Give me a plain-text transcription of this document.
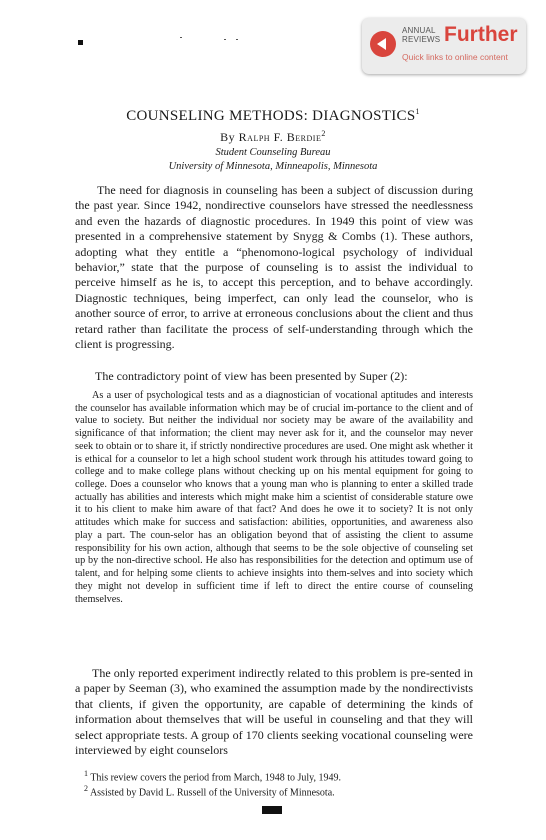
ANNUAL
REVIEWS Further
Quick links to online content
COUNSELING METHODS: DIAGNOSTICS$^1$
By Ralph F. Berdie$^2$
Student Counseling Bureau
University of Minnesota, Minneapolis, Minnesota

The need for diagnosis in counseling has been a subject of discussion during the past year. Since 1942, nondirective counselors have stressed the needlessness and even the hazards of diagnostic procedures. In 1949 this point of view was presented in a comprehensive statement by Snygg & Combs (1). These authors, adopting what they entitle a “phenomono-logical psychology of individual behavior,” state that the purpose of counseling is to assist the individual to perceive himself as he is, to accept this perception, and to behave accordingly. Diagnostic techniques, being imperfect, can only lead the counselor, who is another source of error, to arrive at erroneous conclusions about the client and thus retard rather than facilitate the process of self-understanding through which the client is progressing.

The contradictory point of view has been presented by Super (2):

As a user of psychological tests and as a diagnostician of vocational aptitudes and interests the counselor has available information which may be of crucial im-portance to the client and of value to society. But neither the individual nor society may be aware of the availability and significance of that information; the client may never ask for it, and the counselor may never seek to obtain or to share it, if strictly nondirective procedures are used. One might ask whether it is ethical for a counselor to let a high school student work through his attitudes toward going to college and to make college plans without checking up on his mental equipment for going to college. Does a counselor who knows that a young man who is planning to enter a skilled trade actually has abilities and interests which might make him a scientist of considerable stature owe it to his client to make him aware of that fact? And does he owe it to society? It is not only attitudes which make for success and satisfaction: abilities, opportunities, and awareness also play a part. The coun-selor has an obligation beyond that of assisting the client to assume responsibility for his own action, although that seems to be the sole objective of counseling set up by the non-directive school. He also has responsibilities for the detection and optimum use of talent, and for helping some clients to achieve insights into them-selves and into society which they might not develop in sufficient time if left to direct the entire course of counseling themselves.

The only reported experiment indirectly related to this problem is pre-sented in a paper by Seeman (3), who examined the assumption made by the nondirectivists that clients, if given the opportunity, are capable of determining the kinds of information about themselves that will be useful in counseling and that they will select appropriate tests. A group of 170 clients seeking vocational counseling were interviewed by eight counselors

$^1$ This review covers the period from March, 1948 to July, 1949.

$^2$ Assisted by David L. Russell of the University of Minnesota.
